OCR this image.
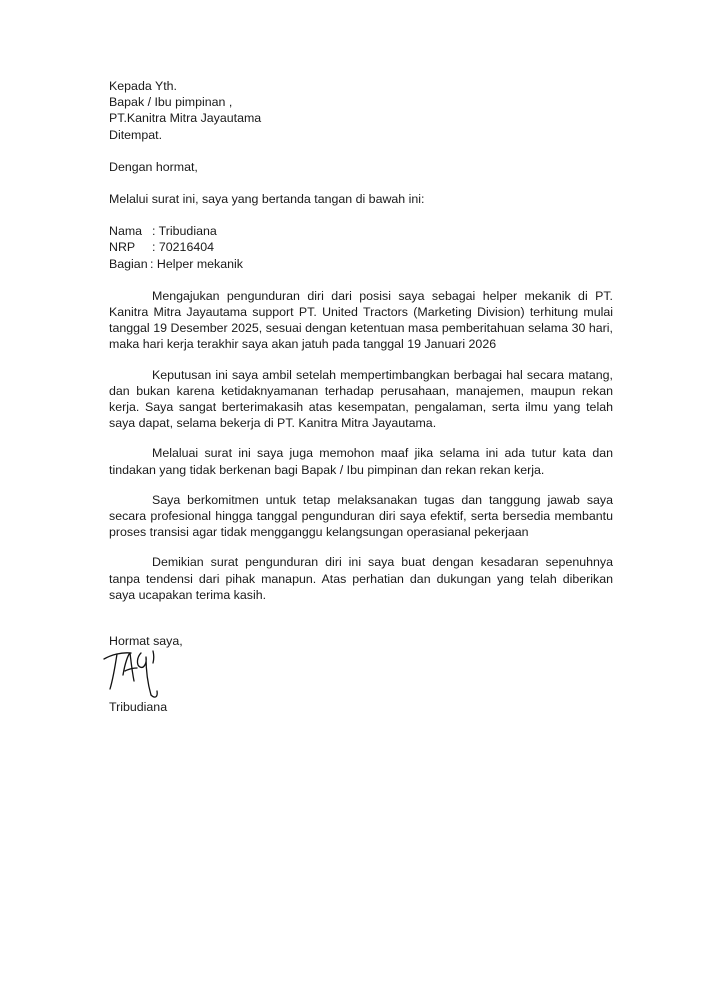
Kepada Yth.
Bapak / Ibu pimpinan ,
PT.Kanitra Mitra Jayautama
Ditempat.
Dengan hormat,
Melalui surat ini, saya yang bertanda tangan di bawah ini:
Nama : Tribudiana
NRP	: 70216404
Bagian : Helper mekanik

Mengajukan pengunduran diri dari posisi saya sebagai helper mekanik di PT. Kanitra Mitra Jayautama support PT. United Tractors (Marketing Division) terhitung mulai tanggal 19 Desember 2025, sesuai dengan ketentuan masa pemberitahuan selama 30 hari, maka hari kerja terakhir saya akan jatuh pada tanggal 19 Januari 2026

Keputusan ini saya ambil setelah mempertimbangkan berbagai hal secara matang, dan bukan karena ketidaknyamanan terhadap perusahaan, manajemen, maupun rekan kerja. Saya sangat berterimakasih atas kesempatan, pengalaman, serta ilmu yang telah saya dapat, selama bekerja di PT. Kanitra Mitra Jayautama.

Melaluai surat ini saya juga memohon maaf jika selama ini ada tutur kata dan tindakan yang tidak berkenan bagi Bapak / Ibu pimpinan dan rekan rekan kerja.

Saya berkomitmen untuk tetap melaksanakan tugas dan tanggung jawab saya secara profesional hingga tanggal pengunduran diri saya efektif, serta bersedia membantu proses transisi agar tidak mengganggu kelangsungan operasianal pekerjaan

Demikian surat pengunduran diri ini saya buat dengan kesadaran sepenuhnya tanpa tendensi dari pihak manapun. Atas perhatian dan dukungan yang telah diberikan saya ucapakan terima kasih.

Hormat saya,
Tribudiana
